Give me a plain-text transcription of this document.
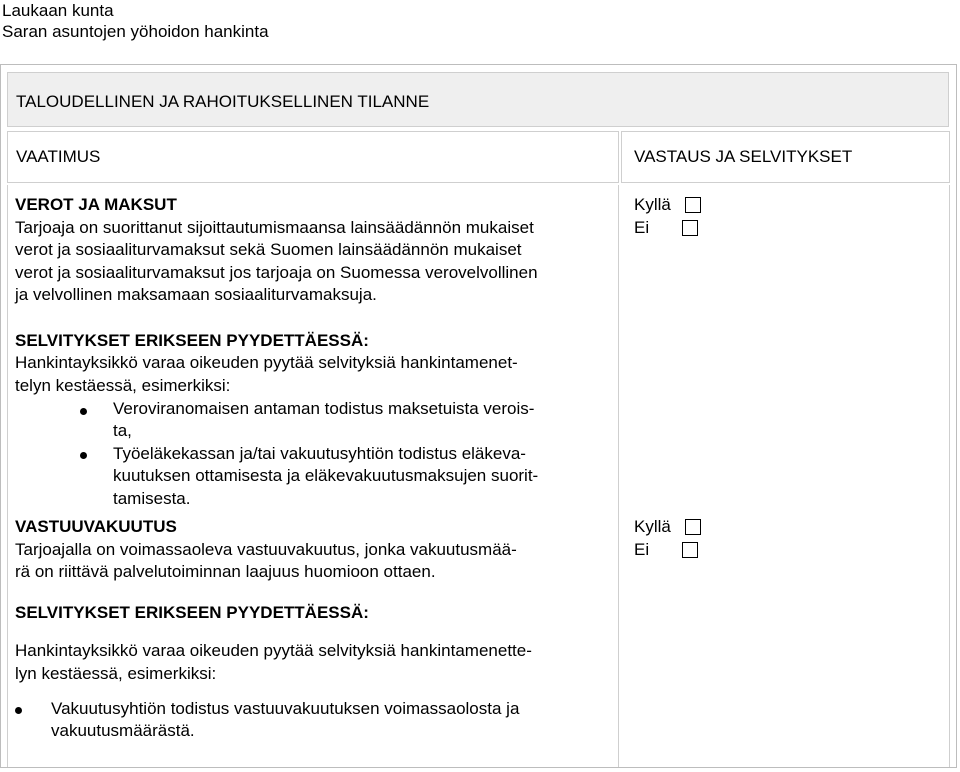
Laukaan kunta
Saran asuntojen yöhoidon hankinta
TALOUDELLINEN JA RAHOITUKSELLINEN TILANNE
VAATIMUS	VASTAUS JA SELVITYKSET
VEROT JA MAKSUT
Tarjoaja on suorittanut sijoittautumismaansa lainsäädännön mukaiset
verot ja sosiaaliturvamaksut sekä Suomen lainsäädännön mukaiset
verot ja sosiaaliturvamaksut jos tarjoaja on Suomessa verovelvollinen
ja velvollinen maksamaan sosiaaliturvamaksuja.
Kyllä
Ei
SELVITYKSET ERIKSEEN PYYDETTÄESSÄ:
Hankintayksikkö varaa oikeuden pyytää selvityksiä hankintamenet-
telyn kestäessä, esimerkiksi:
Veroviranomaisen antaman todistus maksetuista verois-
ta,
Työeläkekassan ja/tai vakuutusyhtiön todistus eläkeva-
kuutuksen ottamisesta ja eläkevakuutusmaksujen suorit-
tamisesta.
VASTUUVAKUUTUS
Tarjoajalla on voimassaoleva vastuuvakuutus, jonka vakuutusmää-
rä on riittävä palvelutoiminnan laajuus huomioon ottaen.
Kyllä
Ei
SELVITYKSET ERIKSEEN PYYDETTÄESSÄ:
Hankintayksikkö varaa oikeuden pyytää selvityksiä hankintamenette-
lyn kestäessä, esimerkiksi:
Vakuutusyhtiön todistus vastuuvakuutuksen voimassaolosta ja
vakuutusmäärästä.
